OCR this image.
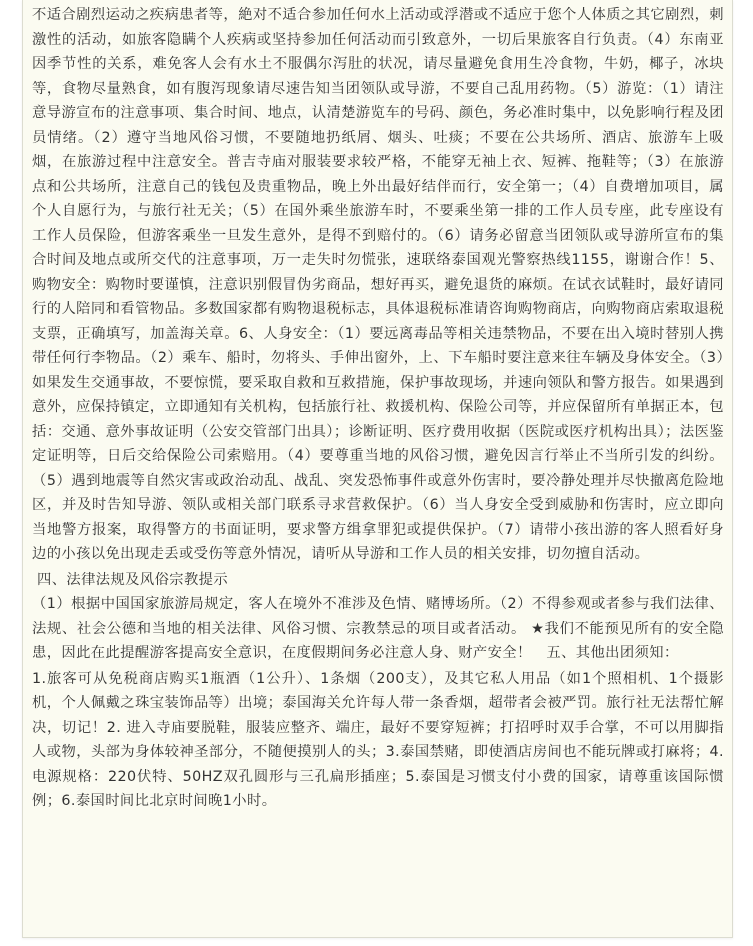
不适合剧烈运动之疾病患者等，絶对不适合参加任何水上活动或浮潜或不适应于您个人体质之其它剧烈，刺激性的活动，如旅客隐瞒个人疾病或坚持参加任何活动而引致意外，一切后果旅客自行负责。（4）东南亚因季节性的关系，难免客人会有水土不服偶尔泻肚的状况，请尽量避免食用生冷食物，牛奶，椰子，冰块等，食物尽量熟食，如有腹泻现象请尽速告知当团领队或导游，不要自己乱用药物。（5）游览：（1）请注意导游宣布的注意事项、集合时间、地点，认清楚游览车的号码、颜色，务必准时集中，以免影响行程及团员情绪。（2）遵守当地风俗习惯，不要随地扔纸屑、烟头、吐痰；不要在公共场所、酒店、旅游车上吸烟，在旅游过程中注意安全。普吉寺庙对服装要求较严格，不能穿无袖上衣、短裤、拖鞋等；（3）在旅游点和公共场所，注意自己的钱包及贵重物品，晚上外出最好结伴而行，安全第一；（4）自费增加项目，属个人自愿行为，与旅行社无关；（5）在国外乘坐旅游车时，不要乘坐第一排的工作人员专座，此专座设有工作人员保险，但游客乘坐一旦发生意外，是得不到赔付的。（6）请务必留意当团领队或导游所宣布的集合时间及地点或所交代的注意事项，万一走失时勿慌张，速联络泰国观光警察热线1155，谢谢合作！5、购物安全：购物时要谨慎，注意识别假冒伪劣商品，想好再买，避免退货的麻烦。在试衣试鞋时，最好请同行的人陪同和看管物品。多数国家都有购物退税标志，具体退税标准请咨询购物商店，向购物商店索取退税支票，正确填写，加盖海关章。6、人身安全：（1）要远离毒品等相关违禁物品，不要在出入境时替别人携带任何行李物品。（2）乘车、船时，勿将头、手伸出窗外，上、下车船时要注意来往车辆及身体安全。（3）如果发生交通事故，不要惊慌，要采取自救和互救措施，保护事故现场，并速向领队和警方报告。如果遇到意外，应保持镇定，立即通知有关机构，包括旅行社、救援机构、保险公司等，并应保留所有单据正本，包括：交通、意外事故证明（公安交管部门出具）；诊断证明、医疗费用收据（医院或医疗机构出具）；法医鉴定证明等，日后交给保险公司索赔用。（4）要尊重当地的风俗习惯，避免因言行举止不当所引发的纠纷。（5）遇到地震等自然灾害或政治动乱、战乱、突发恐怖事件或意外伤害时，要冷静处理并尽快撤离危险地区，并及时告知导游、领队或相关部门联系寻求营救保护。（6）当人身安全受到威胁和伤害时，应立即向当地警方报案，取得警方的书面证明，要求警方缉拿罪犯或提供保护。（7）请带小孩出游的客人照看好身边的小孩以免出现走丢或受伤等意外情况，请听从导游和工作人员的相关安排，切勿擅自活动。

四、法律法规及风俗宗教提示

（1）根据中国国家旅游局规定，客人在境外不准涉及色情、赌博场所。（2）不得参观或者参与我们法律、法规、社会公德和当地的相关法律、风俗习惯、宗教禁忌的项目或者活动。 ★我们不能预见所有的安全隐患，因此在此提醒游客提高安全意识，在度假期间务必注意人身、财产安全！　五、其他出团须知：

1.旅客可从免税商店购买1瓶酒（1公升）、1条烟（200支），及其它私人用品（如1个照相机、1个摄影机，个人佩戴之珠宝装饰品等）出境；泰国海关允许每人带一条香烟，超带者会被严罚。旅行社无法帮忙解决，切记！2. 进入寺庙要脱鞋，服装应整齐、端庄，最好不要穿短裤；打招呼时双手合掌，不可以用脚指人或物，头部为身体较神圣部分，不随便摸别人的头；3.泰国禁赌，即使酒店房间也不能玩牌或打麻将；4.电源规格：220伏特、50HZ双孔圆形与三孔扁形插座；5.泰国是习惯支付小费的国家，请尊重该国际惯例；6.泰国时间比北京时间晚1小时。
